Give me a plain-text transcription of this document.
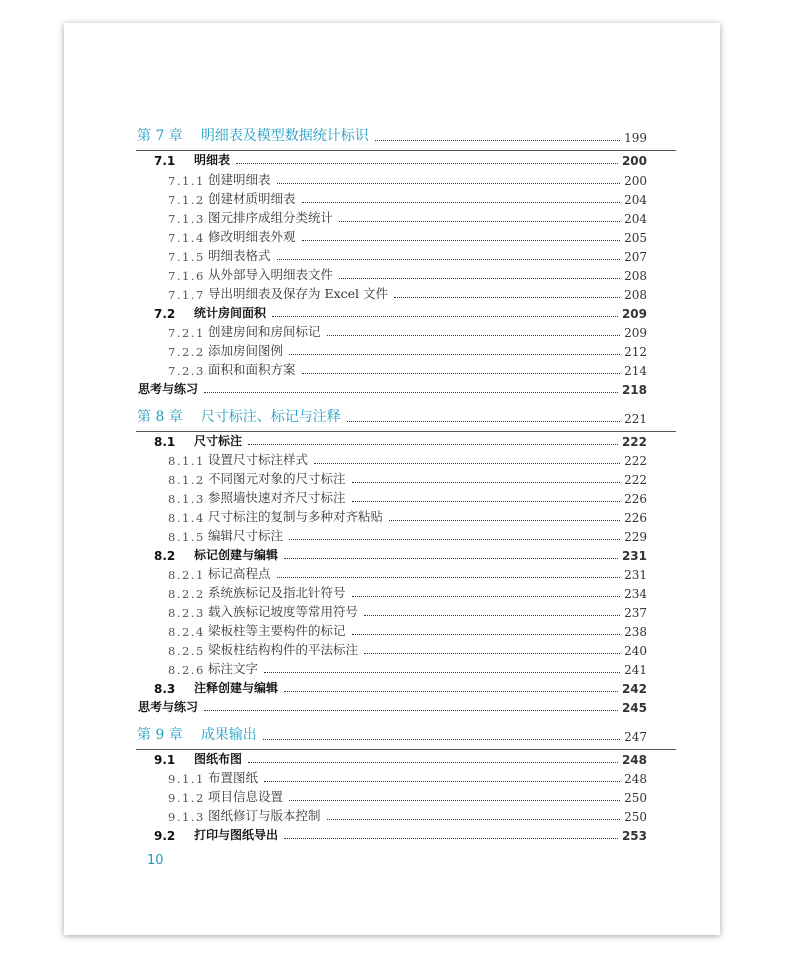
10
第 7 章 明细表及模型数据统计标识	199
7.1	明细表	200
7.1.1 创建明细表	200
7.1.2 创建材质明细表	204
7.1.3 图元排序成组分类统计	204
7.1.4 修改明细表外观	205
7.1.5 明细表格式	207
7.1.6 从外部导入明细表文件	208
7.1.7 导出明细表及保存为 Excel 文件	208
7.2	统计房间面积	209
7.2.1 创建房间和房间标记	209
7.2.2 添加房间图例	212
7.2.3 面积和面积方案	214
思考与练习	218
第 8 章 尺寸标注、标记与注释	221
8.1	尺寸标注	222
8.1.1 设置尺寸标注样式	222
8.1.2 不同图元对象的尺寸标注	222
8.1.3 参照墙快速对齐尺寸标注	226
8.1.4 尺寸标注的复制与多种对齐粘贴	226
8.1.5 编辑尺寸标注	229
8.2	标记创建与编辑	231
8.2.1 标记高程点	231
8.2.2 系统族标记及指北针符号	234
8.2.3 载入族标记坡度等常用符号	237
8.2.4 梁板柱等主要构件的标记	238
8.2.5 梁板柱结构构件的平法标注	240
8.2.6 标注文字	241
8.3	注释创建与编辑	242
思考与练习	245
第 9 章 成果输出	247
9.1	图纸布图	248
9.1.1 布置图纸	248
9.1.2 项目信息设置	250
9.1.3 图纸修订与版本控制	250
9.2	打印与图纸导出	253
